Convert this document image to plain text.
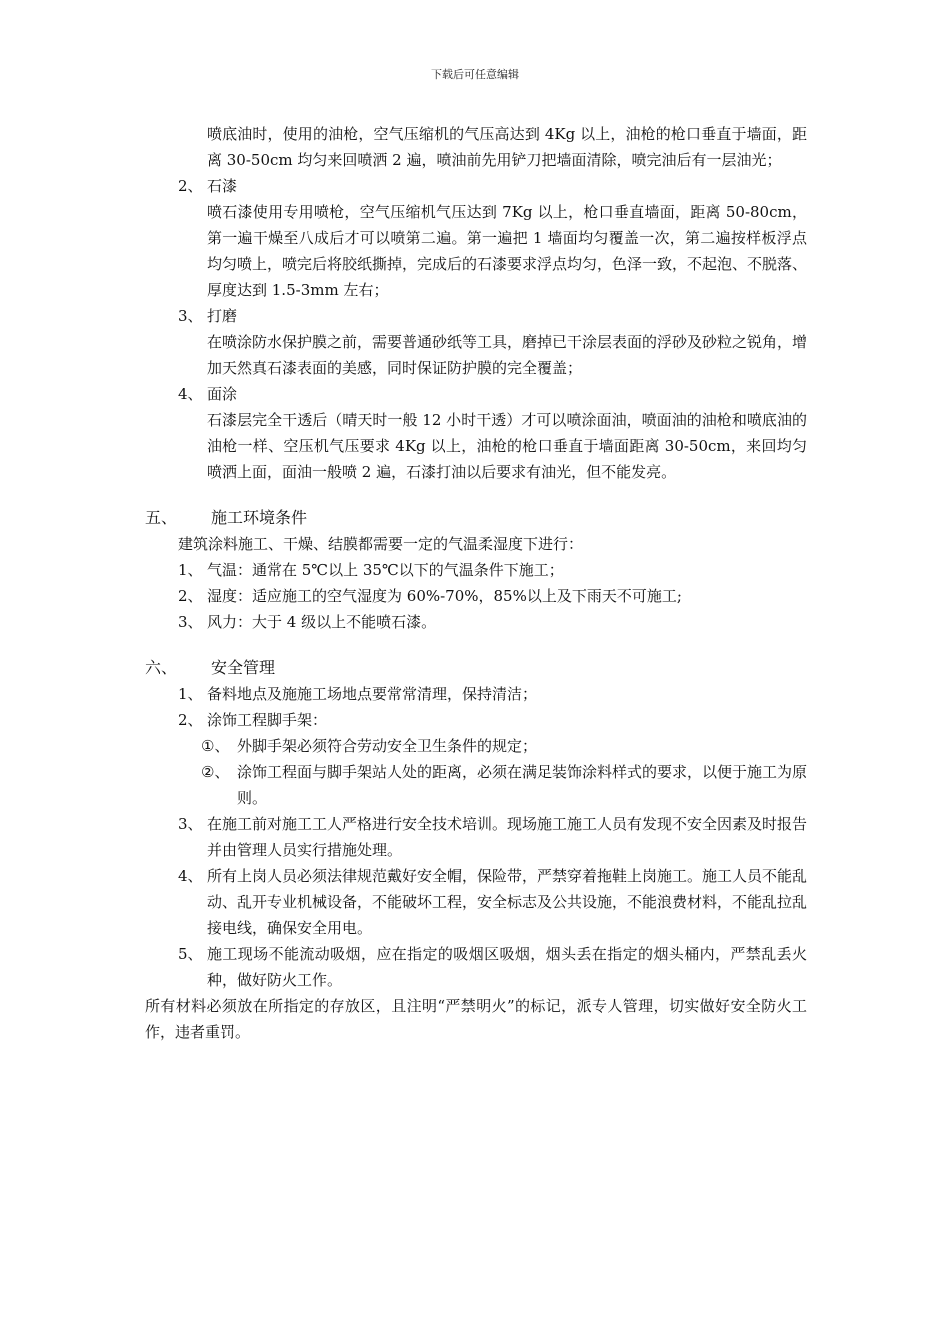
下载后可任意编辑
喷底油时，使用的油枪，空气压缩机的气压高达到 4Kg 以上，油枪的枪口垂直于墙面，距离 30-50cm 均匀来回喷洒 2 遍，喷油前先用铲刀把墙面清除，喷完油后有一层油光；
2、 石漆
喷石漆使用专用喷枪，空气压缩机气压达到 7Kg 以上，枪口垂直墙面，距离 50-80cm，第一遍干燥至八成后才可以喷第二遍。第一遍把 1 墙面均匀覆盖一次，第二遍按样板浮点均匀喷上，喷完后将胶纸撕掉，完成后的石漆要求浮点均匀，色泽一致，不起泡、不脱落、厚度达到 1.5-3mm 左右；
3、 打磨
在喷涂防水保护膜之前，需要普通砂纸等工具，磨掉已干涂层表面的浮砂及砂粒之锐角，增加天然真石漆表面的美感，同时保证防护膜的完全覆盖；
4、 面涂
石漆层完全干透后（晴天时一般 12 小时干透）才可以喷涂面油，喷面油的油枪和喷底油的油枪一样、空压机气压要求 4Kg 以上，油枪的枪口垂直于墙面距离 30-50cm，来回均匀喷洒上面，面油一般喷 2 遍，石漆打油以后要求有油光，但不能发亮。
五、	施工环境条件
建筑涂料施工、干燥、结膜都需要一定的气温柔湿度下进行：
1、 气温：通常在 5℃以上 35℃以下的气温条件下施工；
2、 湿度：适应施工的空气湿度为 60%-70%，85%以上及下雨天不可施工;
3、 风力：大于 4 级以上不能喷石漆。
六、	安全管理
1、 备料地点及施施工场地点要常常清理，保持清洁；
2、 涂饰工程脚手架：
①、 外脚手架必须符合劳动安全卫生条件的规定；
②、 涂饰工程面与脚手架站人处的距离，必须在满足装饰涂料样式的要求，以便于施工为原则。
3、 在施工前对施工工人严格进行安全技术培训。现场施工施工人员有发现不安全因素及时报告并由管理人员实行措施处理。
4、 所有上岗人员必须法律规范戴好安全帽，保险带，严禁穿着拖鞋上岗施工。施工人员不能乱动、乱开专业机械设备，不能破坏工程，安全标志及公共设施，不能浪费材料，不能乱拉乱接电线，确保安全用电。
5、 施工现场不能流动吸烟，应在指定的吸烟区吸烟，烟头丢在指定的烟头桶内，严禁乱丢火种，做好防火工作。
所有材料必须放在所指定的存放区，且注明“严禁明火”的标记，派专人管理，切实做好安全防火工作，违者重罚。
